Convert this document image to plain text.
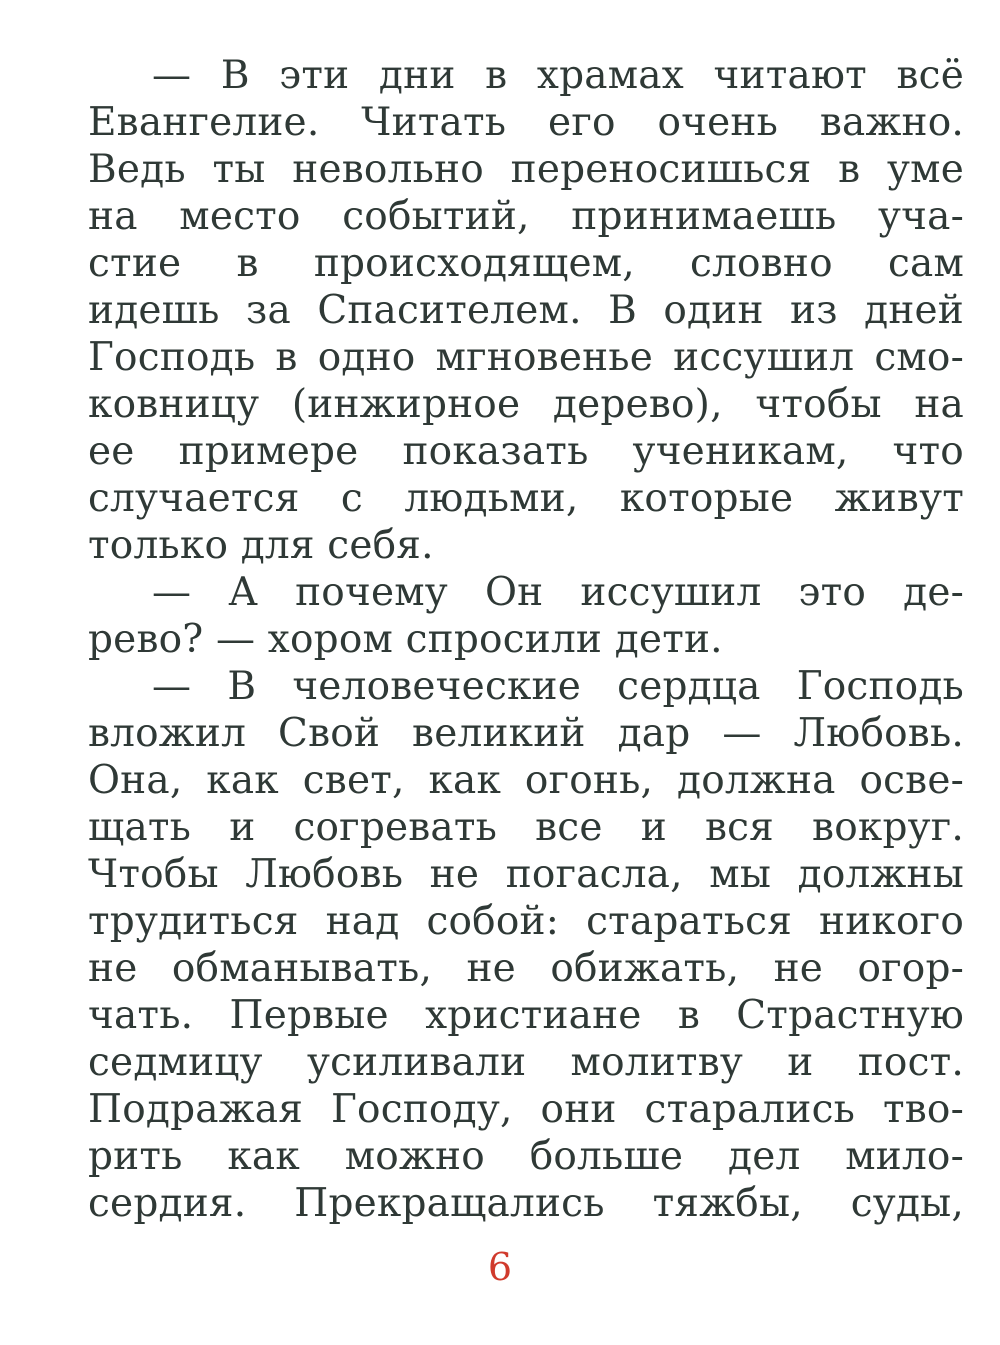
— В эти дни в храмах читают всё
Евангелие. Читать его очень важно.
Ведь ты невольно переносишься в уме
на место событий, принимаешь уча-
стие в происходящем, словно сам
идешь за Спасителем. В один из дней
Господь в одно мгновенье иссушил смо-
ковницу (инжирное дерево), чтобы на
ее примере показать ученикам, что
случается с людьми, которые живут
только для себя.
— А почему Он иссушил это де-
рево? — хором спросили дети.
— В человеческие сердца Господь
вложил Свой великий дар — Любовь.
Она, как свет, как огонь, должна осве-
щать и согревать все и вся вокруг.
Чтобы Любовь не погасла, мы должны
трудиться над собой: стараться никого
не обманывать, не обижать, не огор-
чать. Первые христиане в Страстную
седмицу усиливали молитву и пост.
Подражая Господу, они старались тво-
рить как можно больше дел мило-
сердия. Прекращались тяжбы, суды,
6
